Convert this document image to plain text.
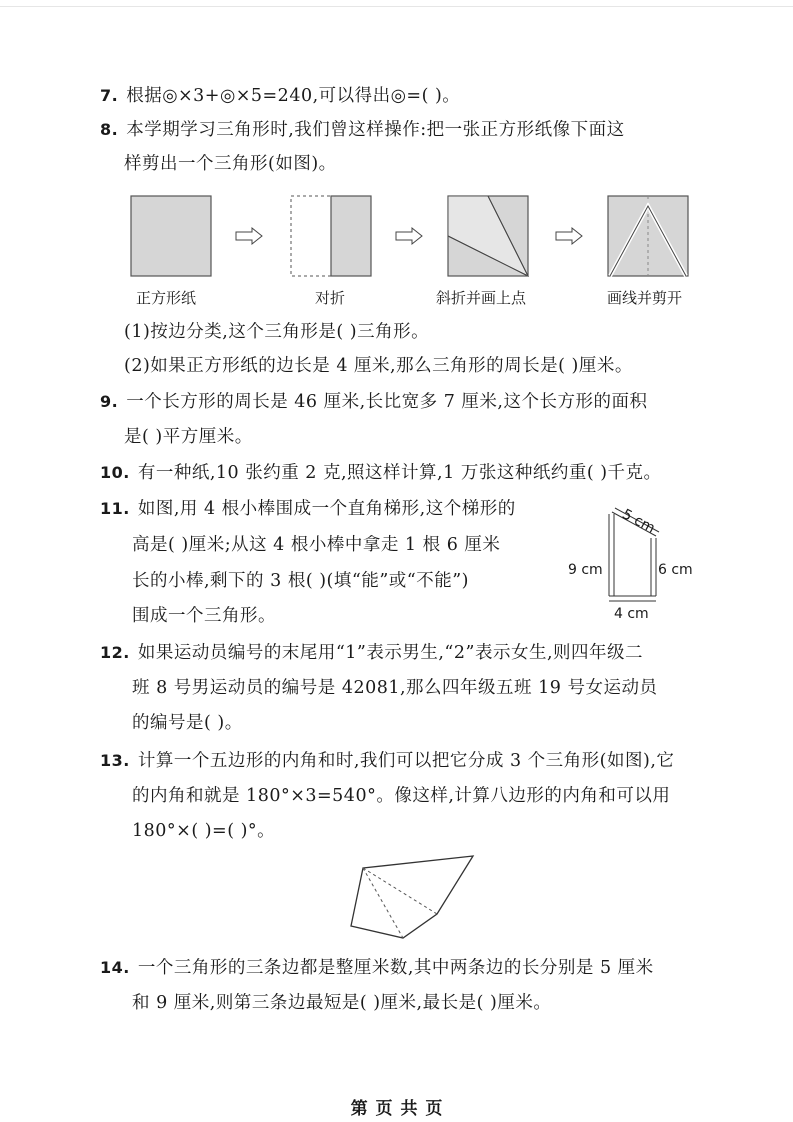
7. 根据◎×3+◎×5=240,可以得出◎=( )。
8. 本学期学习三角形时,我们曾这样操作:把一张正方形纸像下面这
样剪出一个三角形(如图)。
正方形纸	对折	斜折并画上点	画线并剪开
(1)按边分类,这个三角形是( )三角形。
(2)如果正方形纸的边长是 4 厘米,那么三角形的周长是( )厘米。
9. 一个长方形的周长是 46 厘米,长比宽多 7 厘米,这个长方形的面积
是( )平方厘米。
10. 有一种纸,10 张约重 2 克,照这样计算,1 万张这种纸约重( )千克。
11. 如图,用 4 根小棒围成一个直角梯形,这个梯形的
高是( )厘米;从这 4 根小棒中拿走 1 根 6 厘米
长的小棒,剩下的 3 根( )(填“能”或“不能”)
围成一个三角形。
5 cm
9 cm	6 cm
4 cm
12. 如果运动员编号的末尾用“1”表示男生,“2”表示女生,则四年级二
班 8 号男运动员的编号是 42081,那么四年级五班 19 号女运动员
的编号是( )。
13. 计算一个五边形的内角和时,我们可以把它分成 3 个三角形(如图),它
的内角和就是 180°×3=540°。像这样,计算八边形的内角和可以用
180°×( )=( )°。
14. 一个三角形的三条边都是整厘米数,其中两条边的长分别是 5 厘米
和 9 厘米,则第三条边最短是( )厘米,最长是( )厘米。
第 页 共 页
